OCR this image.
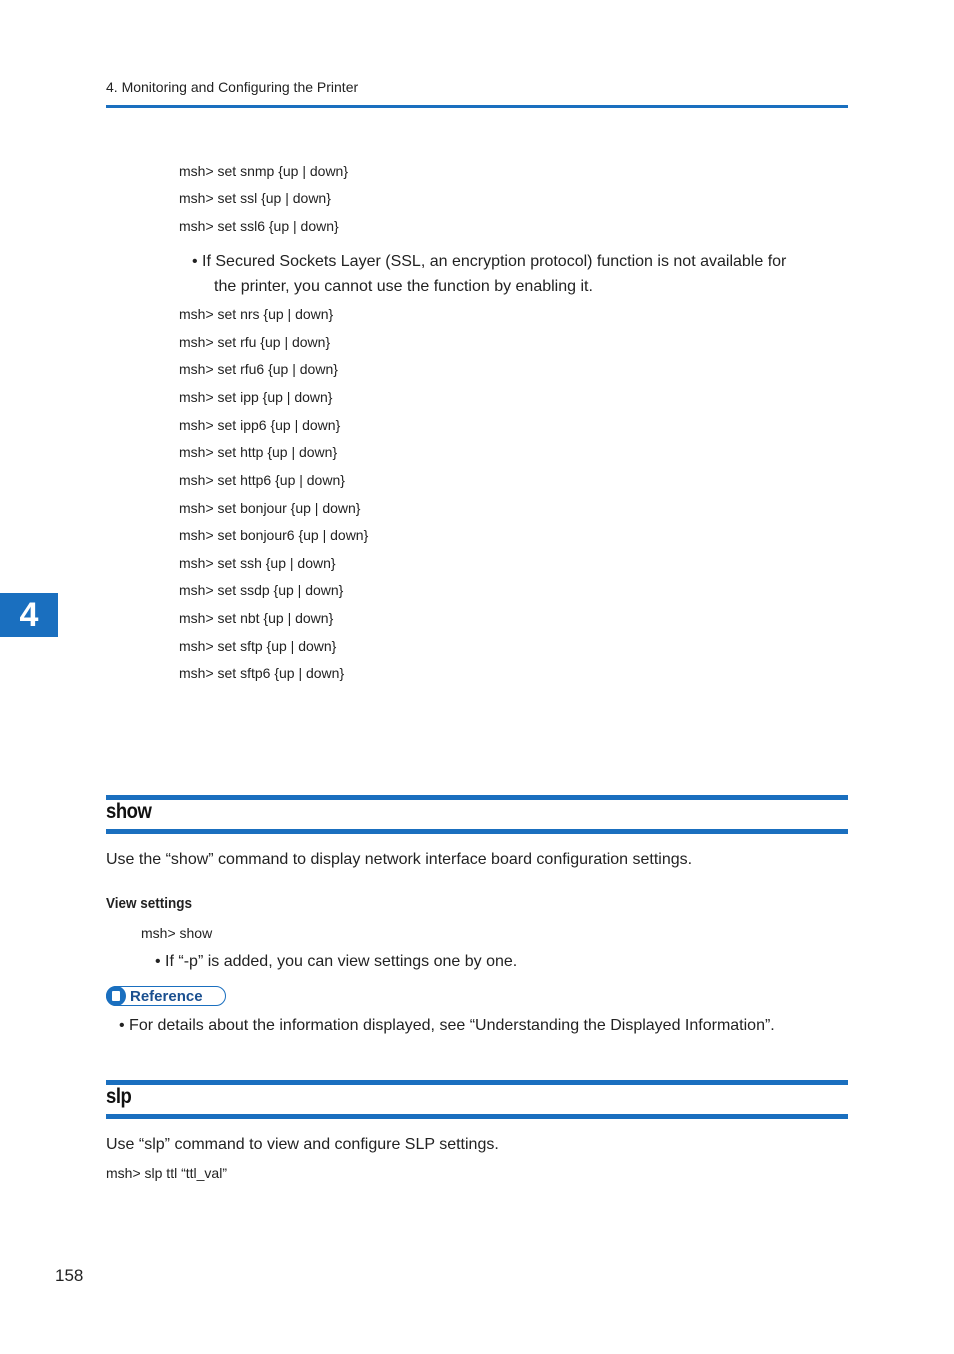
4. Monitoring and Configuring the Printer
4
msh> set snmp {up | down}
msh> set ssl {up | down}
msh> set ssl6 {up | down}
• If Secured Sockets Layer (SSL, an encryption protocol) function is not available for
the printer, you cannot use the function by enabling it.
msh> set nrs {up | down}
msh> set rfu {up | down}
msh> set rfu6 {up | down}
msh> set ipp {up | down}
msh> set ipp6 {up | down}
msh> set http {up | down}
msh> set http6 {up | down}
msh> set bonjour {up | down}
msh> set bonjour6 {up | down}
msh> set ssh {up | down}
msh> set ssdp {up | down}
msh> set nbt {up | down}
msh> set sftp {up | down}
msh> set sftp6 {up | down}
show
Use the “show” command to display network interface board configuration settings.
View settings
msh> show
• If “-p” is added, you can view settings one by one.
Reference
• For details about the information displayed, see “Understanding the Displayed Information”.
slp
Use “slp” command to view and configure SLP settings.
msh> slp ttl “ttl_val”
158
